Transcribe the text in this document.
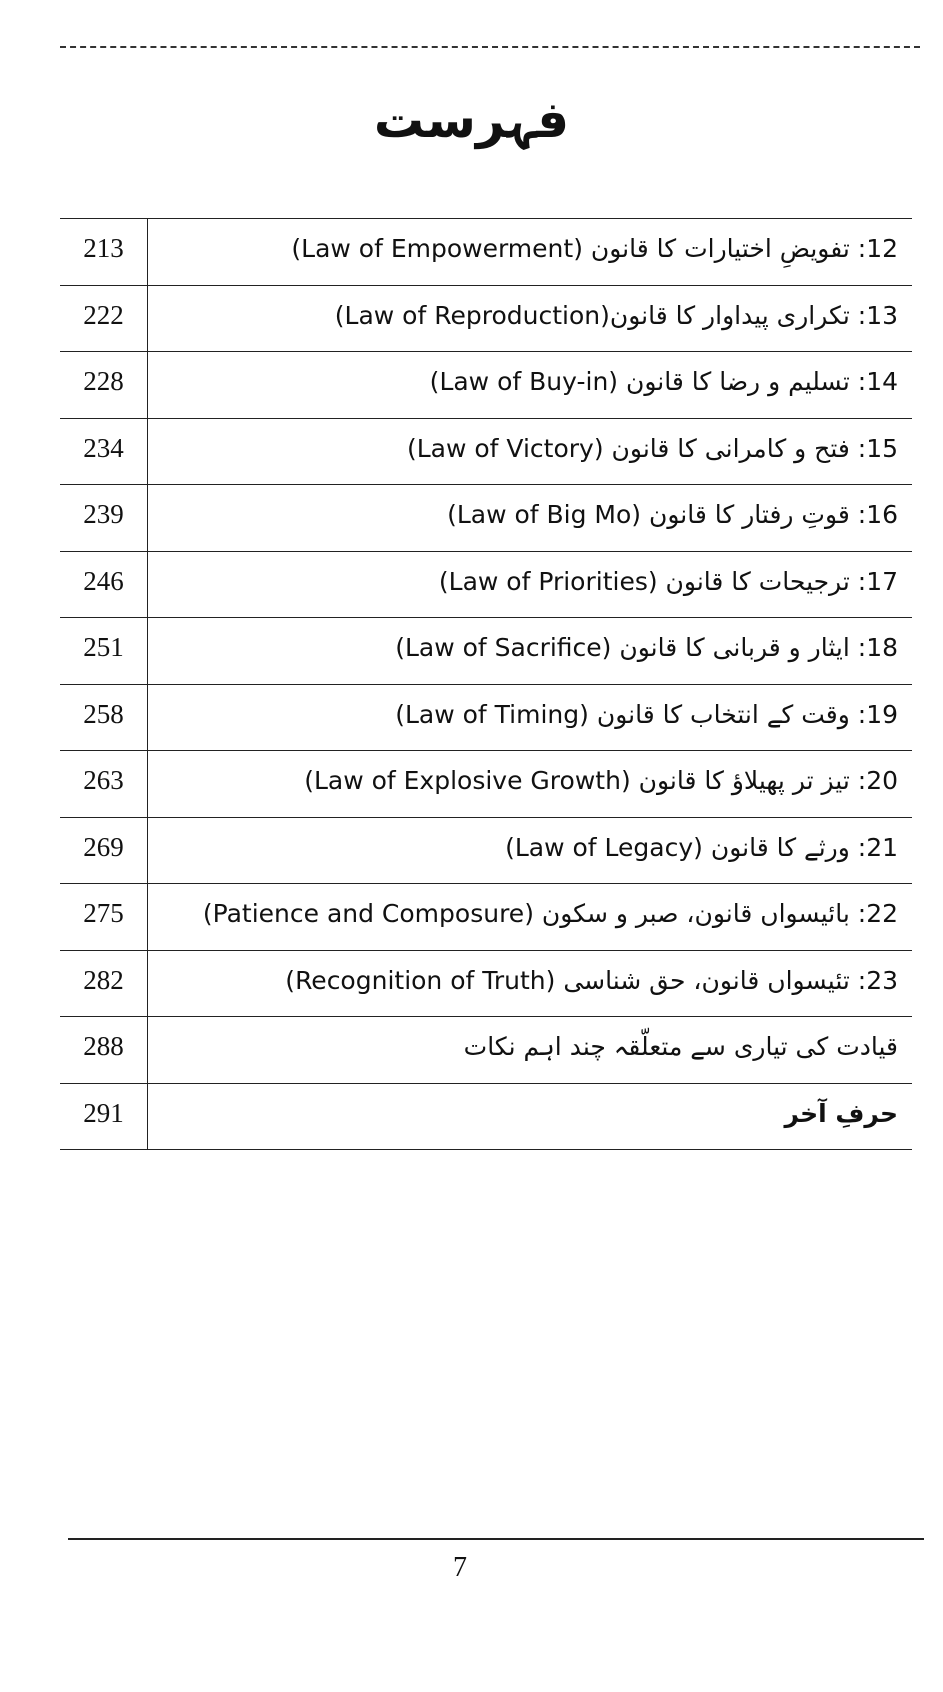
فہرست
213	12: تفویضِ اختیارات کا قانون (Law of Empowerment)
222	13: تکراری پیداوار کا قانون(Law of Reproduction)
228	14: تسلیم و رضا کا قانون (Law of Buy-in)
234	15: فتح و کامرانی کا قانون (Law of Victory)
239	16: قوتِ رفتار کا قانون (Law of Big Mo)
246	17: ترجیحات کا قانون (Law of Priorities)
251	18: ایثار و قربانی کا قانون (Law of Sacrifice)
258	19: وقت کے انتخاب کا قانون (Law of Timing)
263	20: تیز تر پھیلاؤ کا قانون (Law of Explosive Growth)
269	21: ورثے کا قانون (Law of Legacy)
275	22: بائیسواں قانون، صبر و سکون (Patience and Composure)
282	23: تئیسواں قانون، حق شناسی (Recognition of Truth)
288	قیادت کی تیاری سے متعلّقہ چند اہم نکات
291	حرفِ آخر
7
